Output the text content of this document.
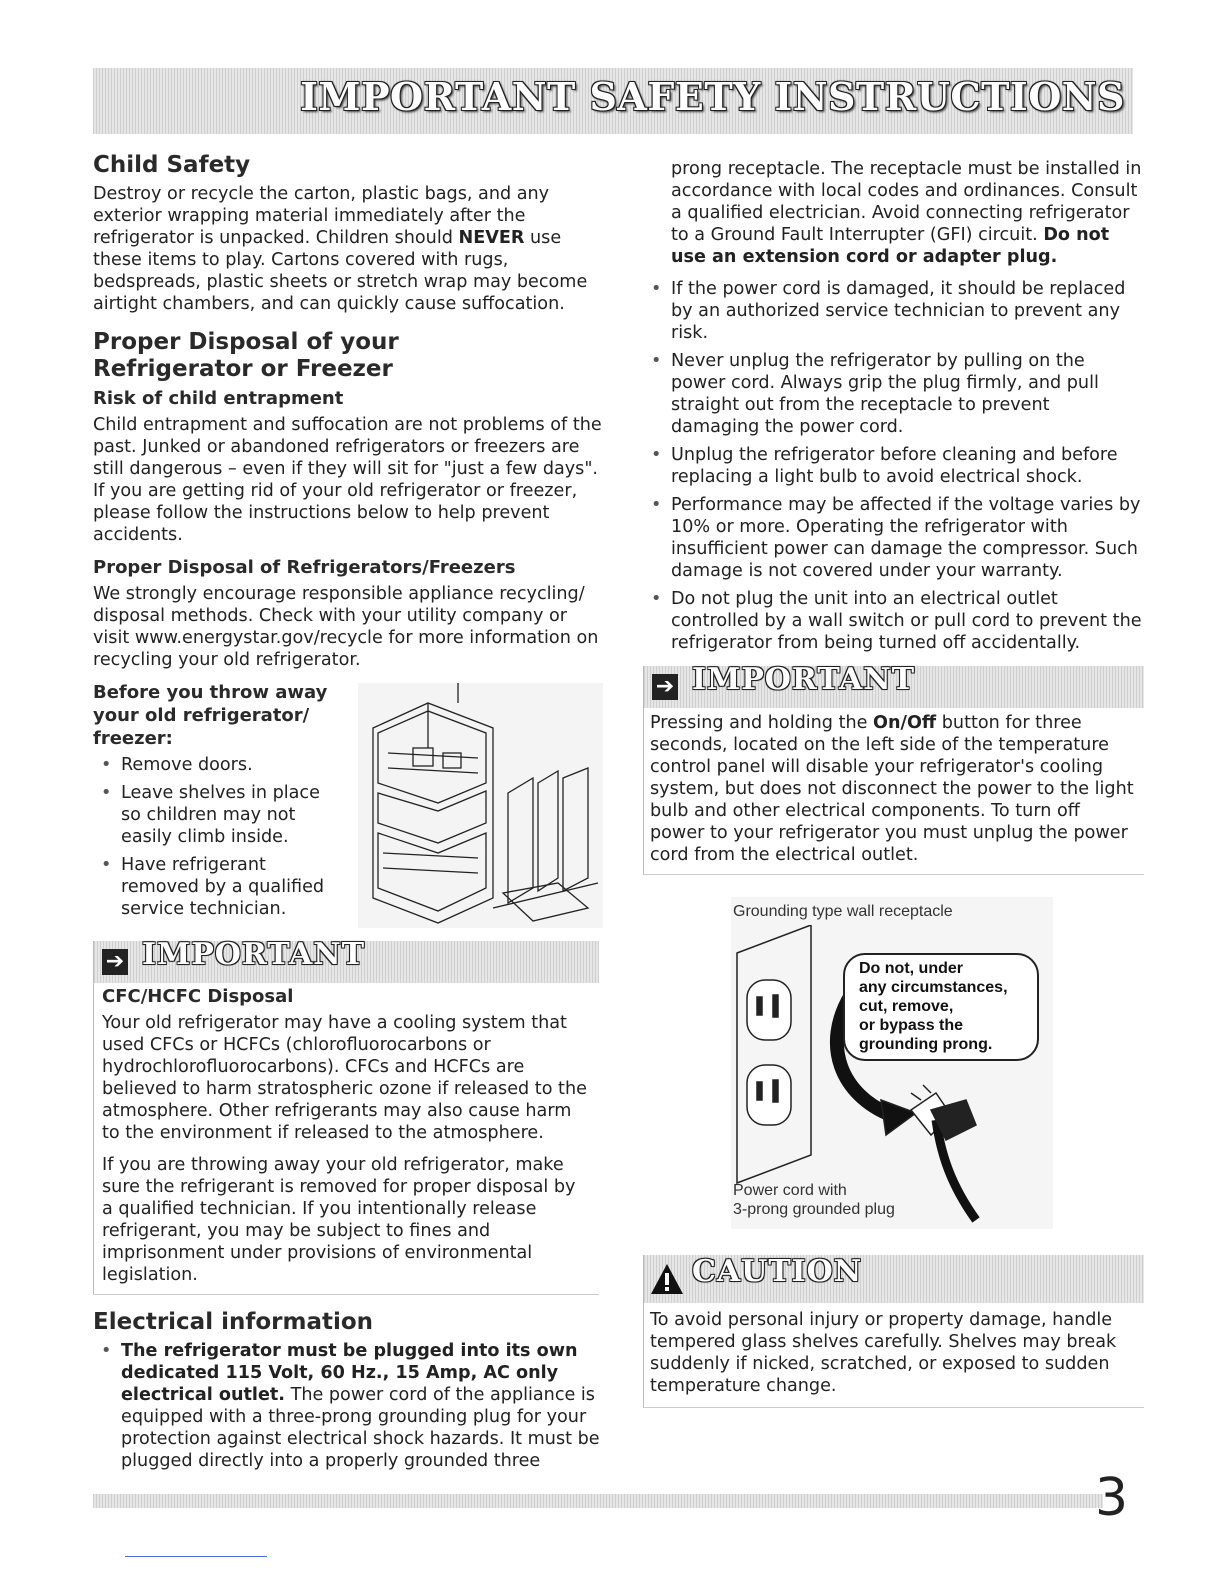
IMPORTANT SAFETY INSTRUCTIONS
Child Safety

Destroy or recycle the carton, plastic bags, and any exterior wrapping material immediately after the refrigerator is unpacked. Children should NEVER use these items to play. Cartons covered with rugs, bedspreads, plastic sheets or stretch wrap may become airtight chambers, and can quickly cause suffocation.

Proper Disposal of your Refrigerator or Freezer
Risk of child entrapment

Child entrapment and suffocation are not problems of the past. Junked or abandoned refrigerators or freezers are still dangerous – even if they will sit for "just a few days". If you are getting rid of your old refrigerator or freezer, please follow the instructions below to help prevent accidents.

Proper Disposal of Refrigerators/Freezers

We strongly encourage responsible appliance recycling/ disposal methods. Check with your utility company or visit www.energystar.gov/recycle for more information on recycling your old refrigerator.

Before you throw away your old refrigerator/ freezer:
• Remove doors.
• Leave shelves in place so children may not easily climb inside.
• Have refrigerant removed by a qualified service technician.
➔ IMPORTANT
CFC/HCFC Disposal

Your old refrigerator may have a cooling system that used CFCs or HCFCs (chlorofluorocarbons or hydrochlorofluorocarbons). CFCs and HCFCs are believed to harm stratospheric ozone if released to the atmosphere. Other refrigerants may also cause harm to the environment if released to the atmosphere.

If you are throwing away your old refrigerator, make sure the refrigerant is removed for proper disposal by a qualified technician. If you intentionally release refrigerant, you may be subject to fines and imprisonment under provisions of environmental legislation.

Electrical information
• The refrigerator must be plugged into its own dedicated 115 Volt, 60 Hz., 15 Amp, AC only electrical outlet. The power cord of the appliance is equipped with a three-prong grounding plug for your protection against electrical shock hazards. It must be plugged directly into a properly grounded three

prong receptacle. The receptacle must be installed in accordance with local codes and ordinances. Consult a qualified electrician. Avoid connecting refrigerator to a Ground Fault Interrupter (GFI) circuit. Do not use an extension cord or adapter plug.

• If the power cord is damaged, it should be replaced by an authorized service technician to prevent any risk.
• Never unplug the refrigerator by pulling on the power cord. Always grip the plug firmly, and pull straight out from the receptacle to prevent damaging the power cord.
• Unplug the refrigerator before cleaning and before replacing a light bulb to avoid electrical shock.
• Performance may be affected if the voltage varies by 10% or more. Operating the refrigerator with insufficient power can damage the compressor. Such damage is not covered under your warranty.
• Do not plug the unit into an electrical outlet controlled by a wall switch or pull cord to prevent the refrigerator from being turned off accidentally.
➔ IMPORTANT

Pressing and holding the On/Off button for three seconds, located on the left side of the temperature control panel will disable your refrigerator's cooling system, but does not disconnect the power to the light bulb and other electrical components. To turn off power to your refrigerator you must unplug the power cord from the electrical outlet.

Grounding type wall receptacle
Do not, under
any circumstances,
cut, remove,
or bypass the
grounding prong.
Power cord with
3-prong grounded plug
CAUTION

To avoid personal injury or property damage, handle tempered glass shelves carefully. Shelves may break suddenly if nicked, scratched, or exposed to sudden temperature change.

3
